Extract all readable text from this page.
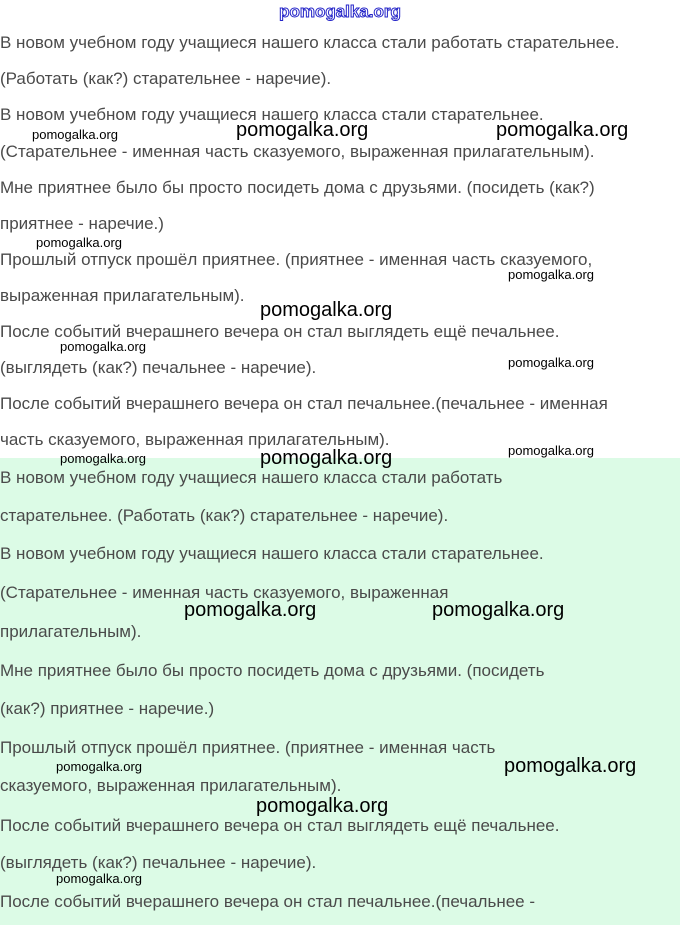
pomogalka.org
В новом учебном году учащиеся нашего класса стали работать старательнее.
(Работать (как?) старательнее - наречие).
В новом учебном году учащиеся нашего класса стали старательнее.
(Старательнее - именная часть сказуемого, выраженная прилагательным).
Мне приятнее было бы просто посидеть дома с друзьями. (посидеть (как?)
приятнее - наречие.)
Прошлый отпуск прошёл приятнее. (приятнее - именная часть сказуемого,
выраженная прилагательным).
После событий вчерашнего вечера он стал выглядеть ещё печальнее.
(выглядеть (как?) печальнее - наречие).
После событий вчерашнего вечера он стал печальнее.(печальнее - именная
часть сказуемого, выраженная прилагательным).
В новом учебном году учащиеся нашего класса стали работать
старательнее. (Работать (как?) старательнее - наречие).
В новом учебном году учащиеся нашего класса стали старательнее.
(Старательнее - именная часть сказуемого, выраженная
прилагательным).
Мне приятнее было бы просто посидеть дома с друзьями. (посидеть
(как?) приятнее - наречие.)
Прошлый отпуск прошёл приятнее. (приятнее - именная часть
сказуемого, выраженная прилагательным).
После событий вчерашнего вечера он стал выглядеть ещё печальнее.
(выглядеть (как?) печальнее - наречие).
После событий вчерашнего вечера он стал печальнее.(печальнее -
pomogalka.org	pomogalka.org	pomogalka.org
pomogalka.org
pomogalka.org
pomogalka.org
pomogalka.org
pomogalka.org
pomogalka.org	pomogalka.org	pomogalka.org
pomogalka.org	pomogalka.org
pomogalka.org	pomogalka.org
pomogalka.org
pomogalka.org
